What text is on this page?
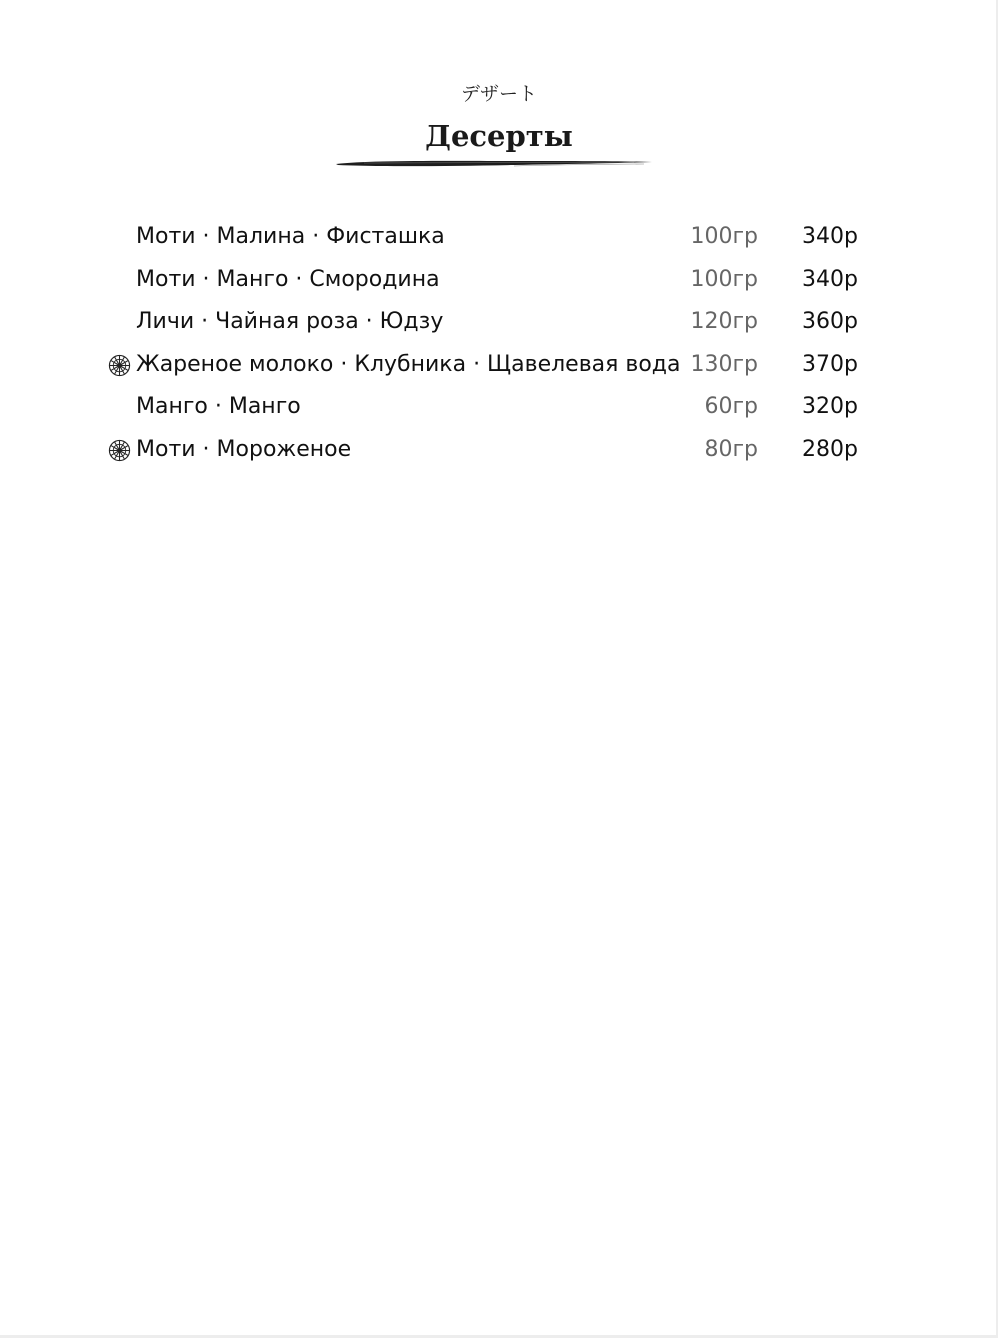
デザート
Десерты
Моти · Малина · Фисташка	100гр 340р
Моти · Манго · Смородина	100гр 340р
Личи · Чайная роза · Юдзу	120гр 360р
Жареное молоко · Клубника · Щавелевая вода 130гр 370р
Манго · Манго	60гр 320р
Моти · Мороженое	80гр 280р
